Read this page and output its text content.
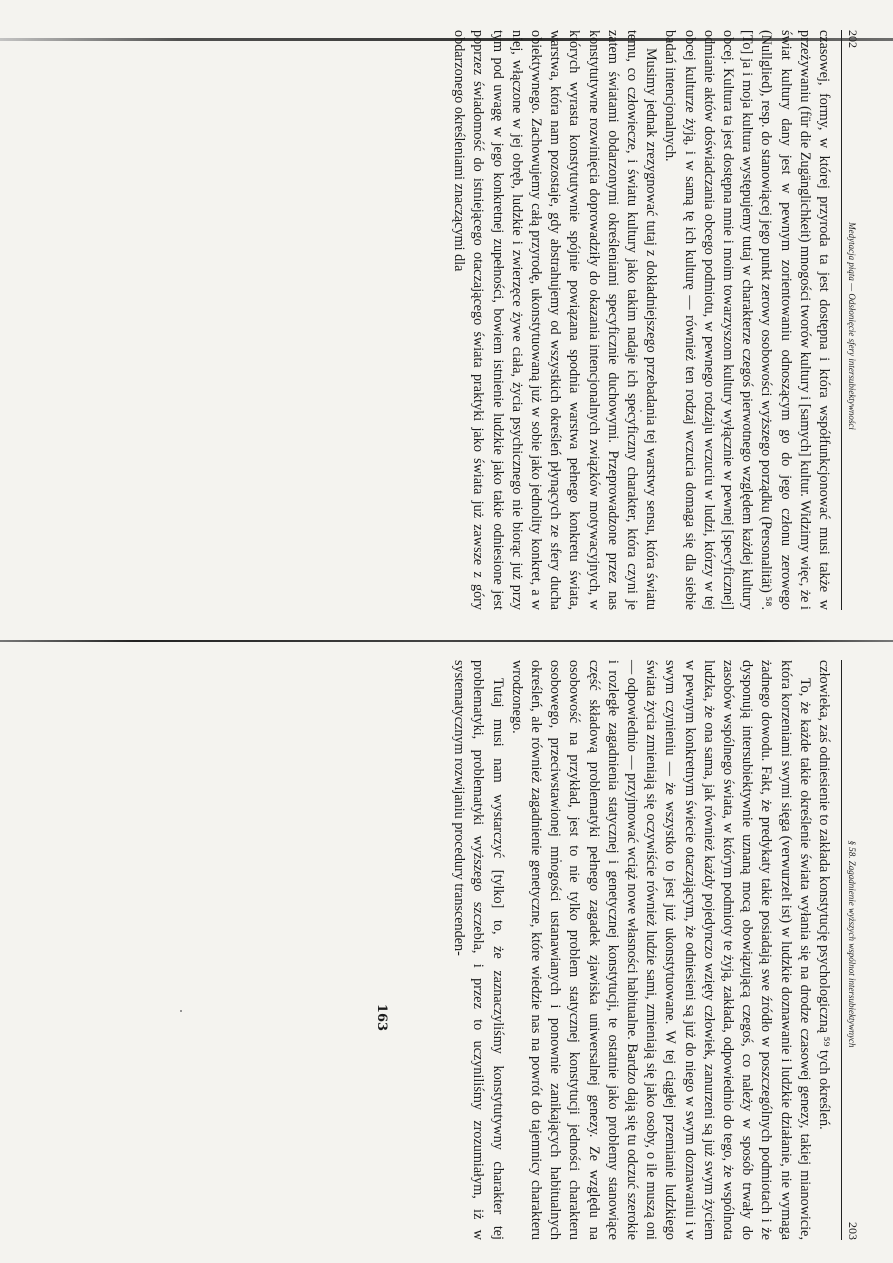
202
Medytacja piąta — Odsłonięcie sfery intersubiektywności

czasowej, formy, w której przyroda ta jest dostępna i która współfunkcjonować musi także w przeżywaniu (für die Zugänglichkeit) mnogości tworów kultury i [samych] kultur. Widzimy więc, że i świat kultury dany jest w pewnym zorientowaniu odnoszącym go do jego członu zerowego (Nullglied), resp. do stanowiącej jego punkt zerowy osobowości wyższego porządku (Personalität) ⁵⁸. [To] ja i moja kultura występujemy tutaj w charakterze czegoś pierwotnego względem każdej kultury obcej. Kultura ta jest dostępna mnie i moim towarzyszom kultury wyłącznie w pewnej [specyficznej] odmianie aktów doświadczania obcego podmiotu, w pewnego rodzaju wczuciu w ludzi, którzy w tej obcej kulturze żyją, i w samą tę ich kulturę — również ten rodzaj wczucia domaga się dla siebie badań intencjonalnych.

Musimy jednak zrezygnować tutaj z dokładniejszego przebadania tej warstwy sensu, która światu temu, co człowiecze, i światu kultury jako takim nadaje ich specyficzny charakter, która czyni je zatem światami obdarzonymi określeniami specyficznie duchowymi. Przeprowadzone przez nas konstytutywne rozwinięcia doprowadziły do okazania intencjonalnych związków motywacyjnych, w których wyrasta konstytutywnie spójnie powiązana spodnia warstwa pełnego konkretu świata, warstwa, która nam pozostaje, gdy abstrahujemy od wszystkich określeń płynących ze sfery ducha obiektywnego. Zachowujemy całą przyrodę, ukonstytuowaną już w sobie jako jednolity konkret, a w niej, włączone w jej obręb, ludzkie i zwierzęce żywe ciała, życia psychicznego nie biorąc już przy tym pod uwagę w jego konkretnej zupełności, bowiem istnienie ludzkie jako takie odniesione jest poprzez świadomość do istniejącego otaczającego świata praktyki jako świata już zawsze z góry obdarzonego określeniami znaczącymi dla

§ 58. Zagadnienie wyższych wspólnot intersubiektywnych
203

człowieka, zaś odniesienie to zakłada konstytucję psychologiczną ⁵⁹ tych określeń.

To, że każde takie określenie świata wyłania się na drodze czasowej genezy, takiej mianowicie, która korzeniami swymi sięga (verwurzelt ist) w ludzkie doznawanie i ludzkie działanie, nie wymaga żadnego dowodu. Fakt, że predykaty takie posiadają swe źródło w poszczególnych podmiotach i że dysponują intersubiektywnie uznaną mocą obowiązującą czegoś, co należy w sposób trwały do zasobów wspólnego świata, w którym podmioty te żyją, zakłada, odpowiednio do tego, że wspólnota ludzka, że ona sama, jak również każdy pojedynczo wzięty człowiek, zanurzeni są już swym życiem w pewnym konkretnym świecie otaczającym, że odniesieni są już do niego w swym doznawaniu i w swym czynieniu — że wszystko to jest już ukonstytuowane. W tej ciągłej przemianie ludzkiego świata życia zmieniają się oczywiście również ludzie sami, zmieniają się jako osoby, o ile muszą oni — odpowiednio — przyjmować wciąż nowe własności habitualne. Bardzo dają się tu odczuć szerokie i rozległe zagadnienia statycznej i genetycznej konstytucji, te ostatnie jako problemy stanowiące część składową problematyki pełnego zagadek zjawiska uniwersalnej genezy. Ze względu na osobowość na przykład, jest to nie tylko problem statycznej konstytucji jedności charakteru osobowego, przeciwstawionej mnogości ustanawianych i ponownie zanikających habitualnych określeń, ale również zagadnienie genetyczne, które wiedzie nas na powrót do tajemnicy charakteru wrodzonego.

Tutaj musi nam wystarczyć [tylko] to, że zaznaczyliśmy konstytutywny charakter tej problematyki, problematyki wyższego szczebla, i przez to uczyniliśmy zrozumiałym, iż w systematycznym rozwijaniu procedury transcenden-

163
